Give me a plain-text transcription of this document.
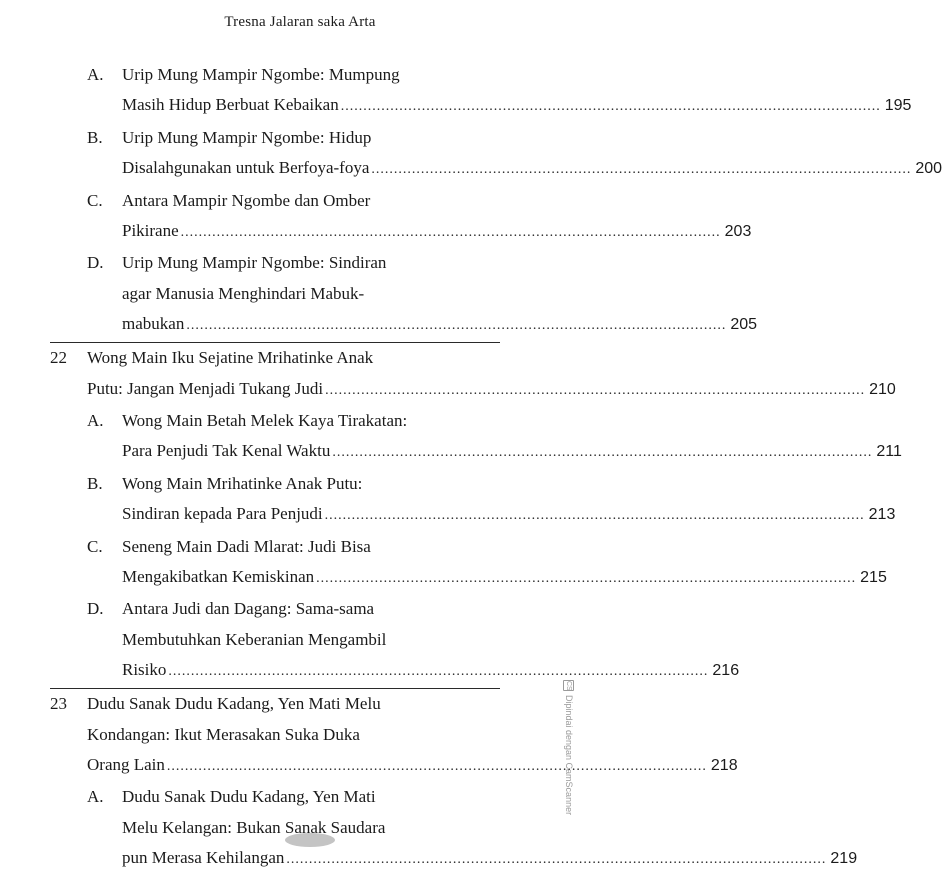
Tresna Jalaran saka Arta
A. Urip Mung Mampir Ngombe: Mumpung
Masih Hidup Berbuat Kebaikan ........................................................................................................................ 195
B. Urip Mung Mampir Ngombe: Hidup
Disalahgunakan untuk Berfoya-foya ........................................................................................................................ 200
C. Antara Mampir Ngombe dan Omber
Pikirane ........................................................................................................................ 203
D. Urip Mung Mampir Ngombe: Sindiran
agar Manusia Menghindari Mabuk-
mabukan ........................................................................................................................ 205
22 Wong Main Iku Sejatine Mrihatinke Anak
Putu: Jangan Menjadi Tukang Judi ........................................................................................................................ 210
A. Wong Main Betah Melek Kaya Tirakatan:
Para Penjudi Tak Kenal Waktu ........................................................................................................................ 211
B. Wong Main Mrihatinke Anak Putu:
Sindiran kepada Para Penjudi ........................................................................................................................ 213
C. Seneng Main Dadi Mlarat: Judi Bisa
Mengakibatkan Kemiskinan ........................................................................................................................ 215
D. Antara Judi dan Dagang: Sama-sama
Membutuhkan Keberanian Mengambil
Risiko ........................................................................................................................ 216
23 Dudu Sanak Dudu Kadang, Yen Mati Melu
Kondangan: Ikut Merasakan Suka Duka
Orang Lain ........................................................................................................................ 218
A. Dudu Sanak Dudu Kadang, Yen Mati
Melu Kelangan: Bukan Sanak Saudara
pun Merasa Kehilangan ........................................................................................................................ 219
CS
Dipindai dengan CamScanner
